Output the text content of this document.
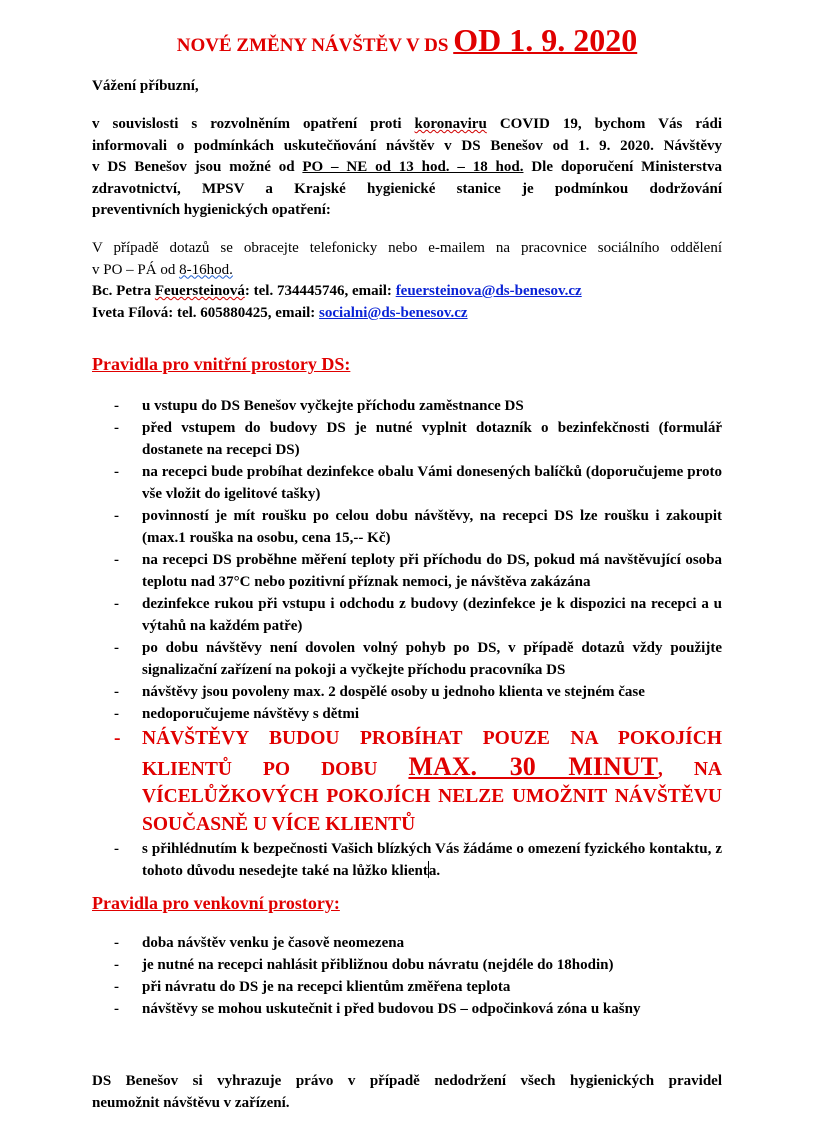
NOVÉ ZMĚNY NÁVŠTĚV V DS OD 1. 9. 2020
Vážení příbuzní,
v souvislosti s rozvolněním opatření proti koronaviru COVID 19, bychom Vás rádi
informovali o podmínkách uskutečňování návštěv v DS Benešov od 1. 9. 2020. Návštěvy
v DS Benešov jsou možné od PO – NE od 13 hod. – 18 hod. Dle doporučení Ministerstva
zdravotnictví, MPSV a Krajské hygienické stanice je podmínkou dodržování
preventivních hygienických opatření:
V případě dotazů se obracejte telefonicky nebo e-mailem na pracovnice sociálního oddělení
v PO – PÁ od 8-16hod.
Bc. Petra Feuersteinová: tel. 734445746, email: feuersteinova@ds-benesov.cz
Iveta Fílová: tel. 605880425, email: socialni@ds-benesov.cz
Pravidla pro vnitřní prostory DS:
- u vstupu do DS Benešov vyčkejte příchodu zaměstnance DS
- před vstupem do budovy DS je nutné vyplnit dotazník o bezinfekčnosti (formulář dostanete na recepci DS)
- na recepci bude probíhat dezinfekce obalu Vámi donesených balíčků (doporučujeme proto vše vložit do igelitové tašky)
- povinností je mít roušku po celou dobu návštěvy, na recepci DS lze roušku i zakoupit (max.1 rouška na osobu, cena 15,-- Kč)
- na recepci DS proběhne měření teploty při příchodu do DS, pokud má navštěvující osoba teplotu nad 37°C nebo pozitivní příznak nemoci, je návštěva zakázána
- dezinfekce rukou při vstupu i odchodu z budovy (dezinfekce je k dispozici na recepci a u výtahů na každém patře)
- po dobu návštěvy není dovolen volný pohyb po DS, v případě dotazů vždy použijte signalizační zařízení na pokoji a vyčkejte příchodu pracovníka DS
- návštěvy jsou povoleny max. 2 dospělé osoby u jednoho klienta ve stejném čase
- nedoporučujeme návštěvy s dětmi
- NÁVŠTĚVY BUDOU PROBÍHAT POUZE NA POKOJÍCH KLIENTŮ PO DOBU MAX. 30 MINUT, NA VÍCELŮŽKOVÝCH POKOJÍCH NELZE UMOŽNIT NÁVŠTĚVU SOUČASNĚ U VÍCE KLIENTŮ
- s přihlédnutím k bezpečnosti Vašich blízkých Vás žádáme o omezení fyzického kontaktu, z tohoto důvodu nesedejte také na lůžko klienta.
Pravidla pro venkovní prostory:
- doba návštěv venku je časově neomezena
- je nutné na recepci nahlásit přibližnou dobu návratu (nejdéle do 18hodin)
- při návratu do DS je na recepci klientům změřena teplota
- návštěvy se mohou uskutečnit i před budovou DS – odpočinková zóna u kašny
DS Benešov si vyhrazuje právo v případě nedodržení všech hygienických pravidel
neumožnit návštěvu v zařízení.
